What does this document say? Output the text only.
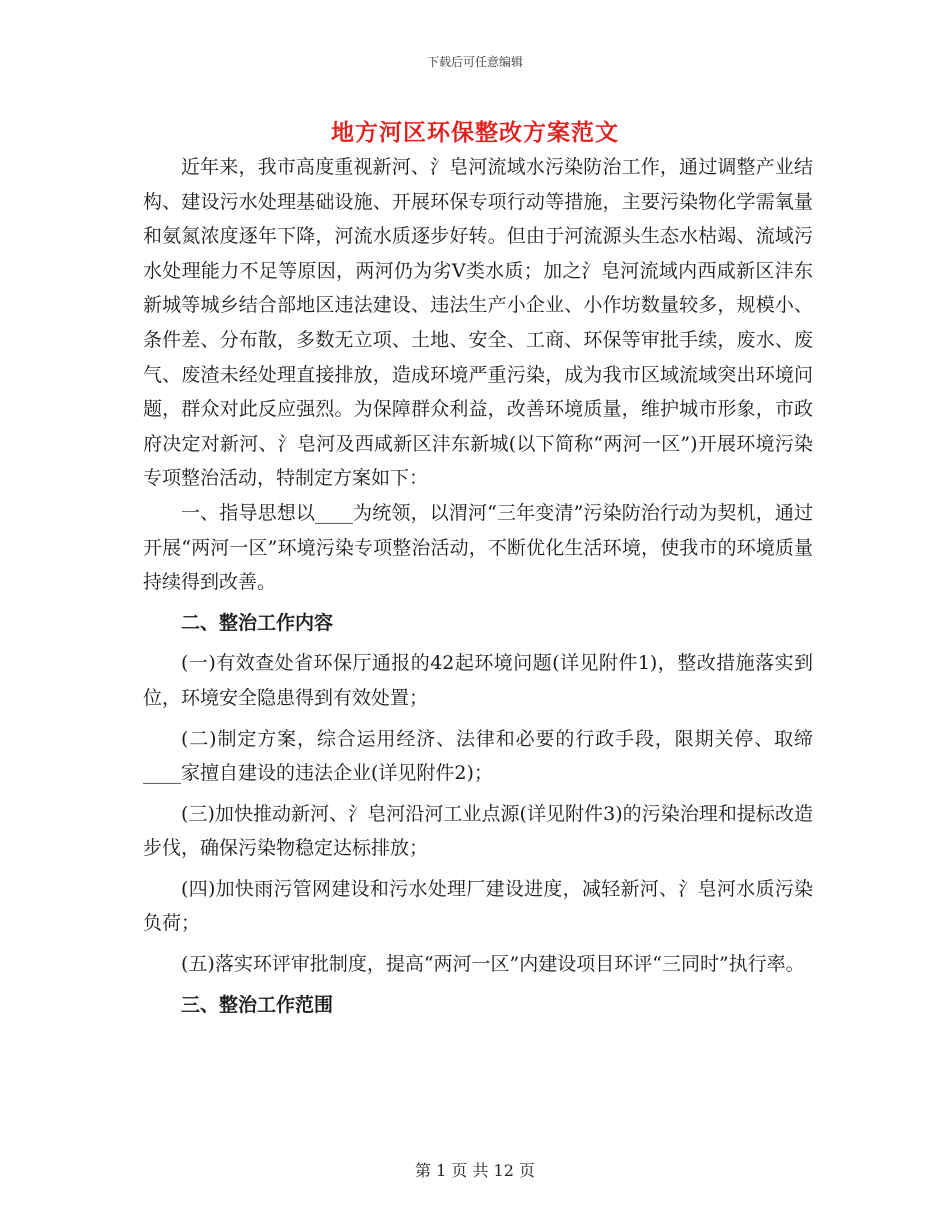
下载后可任意编辑
地方河区环保整改方案范文

近年来，我市高度重视新河、氵皂河流域水污染防治工作，通过调整产业结构、建设污水处理基础设施、开展环保专项行动等措施，主要污染物化学需氧量和氨氮浓度逐年下降，河流水质逐步好转。但由于河流源头生态水枯竭、流域污水处理能力不足等原因，两河仍为劣Ⅴ类水质；加之氵皂河流域内西咸新区沣东新城等城乡结合部地区违法建设、违法生产小企业、小作坊数量较多，规模小、条件差、分布散，多数无立项、土地、安全、工商、环保等审批手续，废水、废气、废渣未经处理直接排放，造成环境严重污染，成为我市区域流域突出环境问题，群众对此反应强烈。为保障群众利益，改善环境质量，维护城市形象，市政府决定对新河、氵皂河及西咸新区沣东新城(以下简称“两河一区”)开展环境污染专项整治活动，特制定方案如下：

一、指导思想以____为统领，以渭河“三年变清”污染防治行动为契机，通过开展“两河一区”环境污染专项整治活动，不断优化生活环境，使我市的环境质量持续得到改善。

二、整治工作内容

(一)有效查处省环保厅通报的42起环境问题(详见附件1)，整改措施落实到位，环境安全隐患得到有效处置；

(二)制定方案，综合运用经济、法律和必要的行政手段，限期关停、取缔____家擅自建设的违法企业(详见附件2)；

(三)加快推动新河、氵皂河沿河工业点源(详见附件3)的污染治理和提标改造步伐，确保污染物稳定达标排放；

(四)加快雨污管网建设和污水处理厂建设进度，减轻新河、氵皂河水质污染负荷；

(五)落实环评审批制度，提高“两河一区”内建设项目环评“三同时”执行率。

三、整治工作范围

第 1 页 共 12 页
